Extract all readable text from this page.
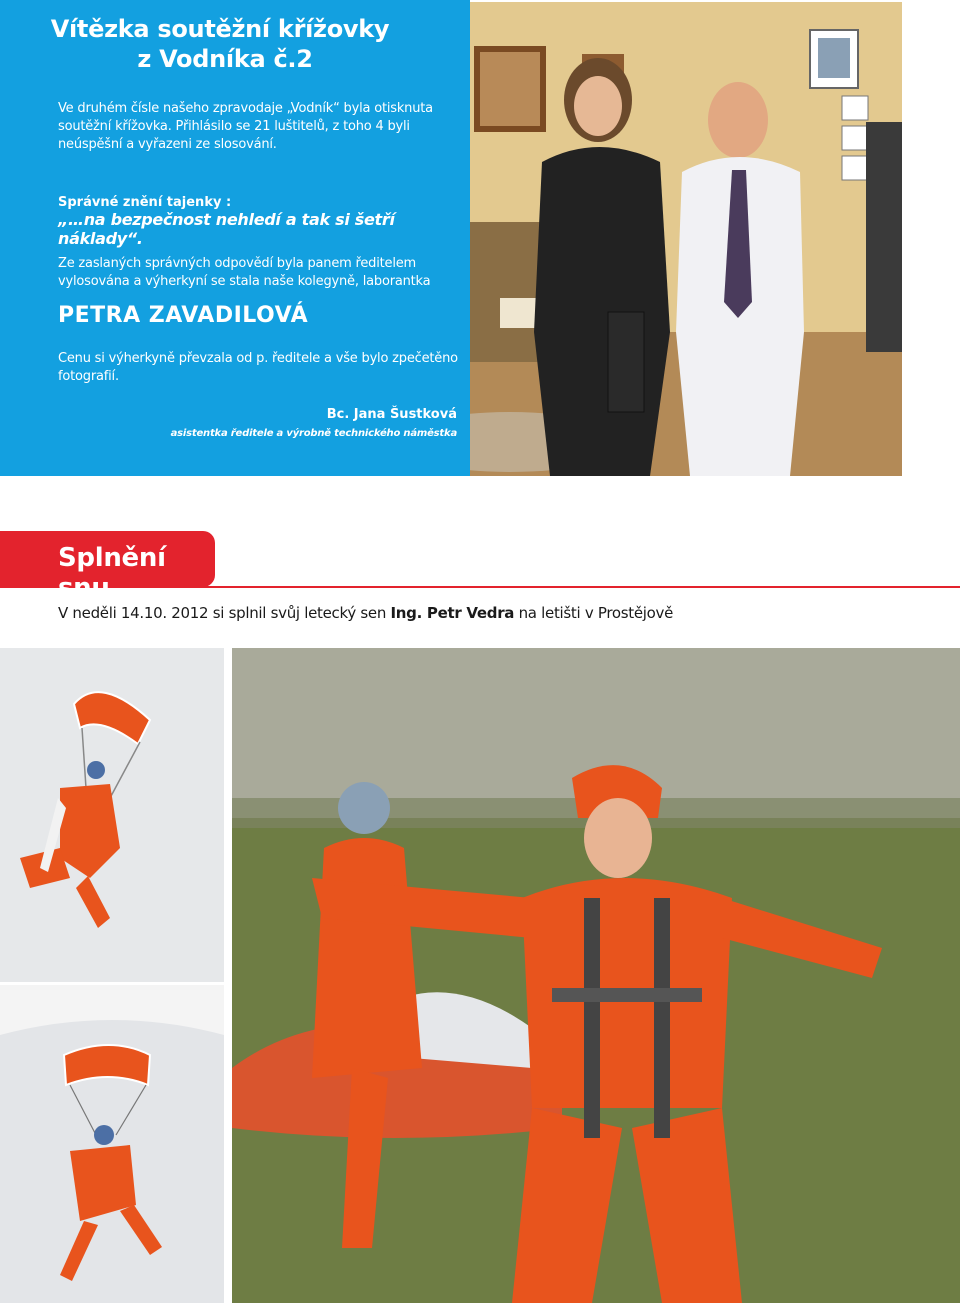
Vítězka soutěžní křížovky
z Vodníka č.2
Ve druhém čísle našeho zpravodaje „Vodník“ byla otisknuta soutěžní křížovka. Přihlásilo se 21 luštitelů, z toho 4 byli neúspěšní a vyřazeni ze slosování.
Správné znění tajenky :
„…na bezpečnost nehledí a tak si šetří náklady“.
Ze zaslaných správných odpovědí byla panem ředitelem vylosována a výherkyní se stala naše kolegyně, laborantka
PETRA ZAVADILOVÁ
Cenu si výherkyně převzala od p. ředitele a vše bylo zpečetěno fotografií.
Bc. Jana Šustková
asistentka ředitele a výrobně technického náměstka
Splnění snu
V neděli 14.10. 2012 si splnil svůj letecký sen Ing. Petr Vedra na letišti v Prostějově
